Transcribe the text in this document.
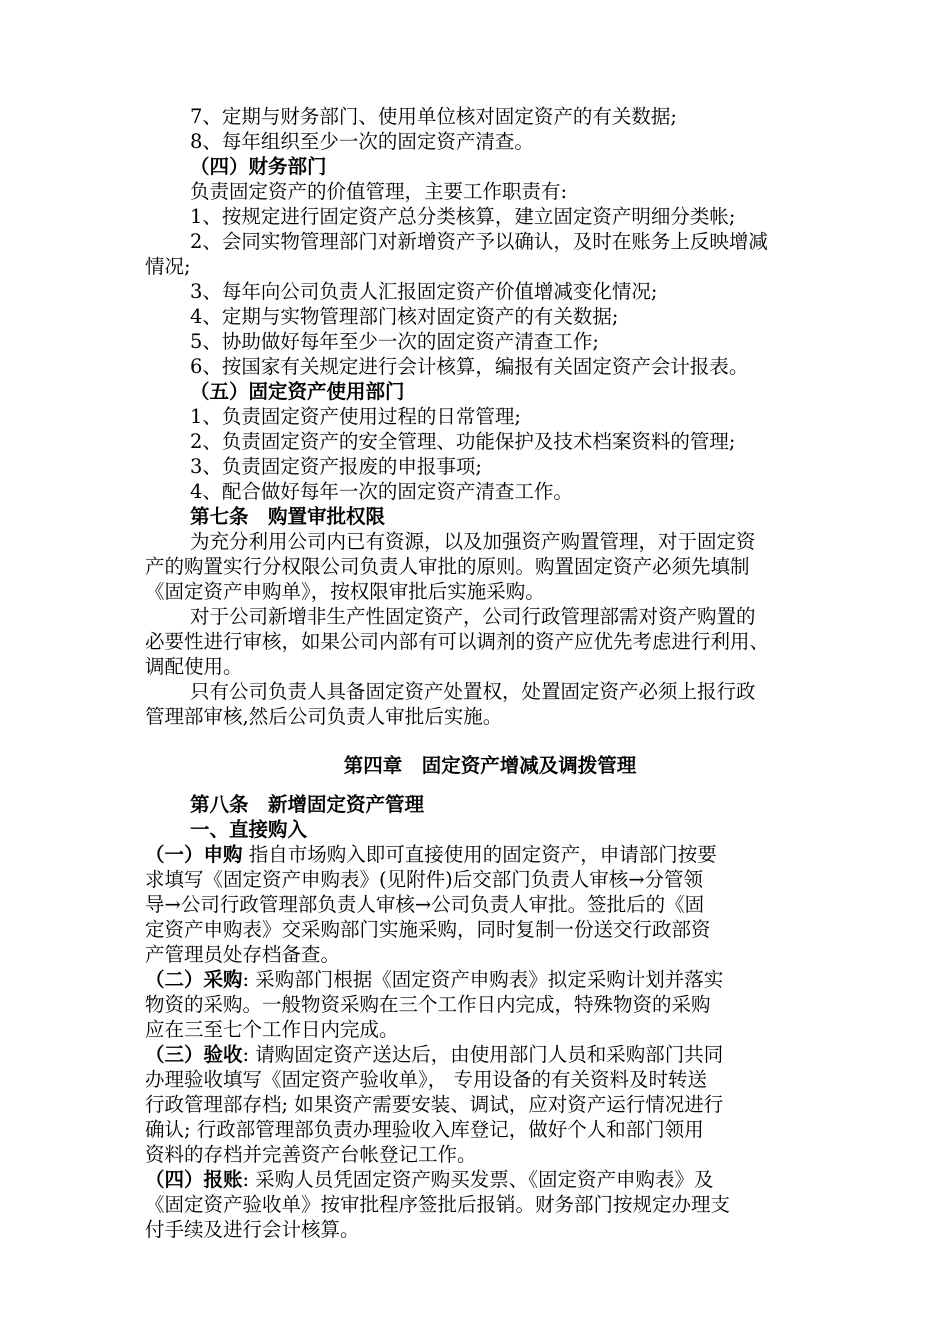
7、定期与财务部门、使用单位核对固定资产的有关数据;
8、每年组织至少一次的固定资产清查。
（四）财务部门
负责固定资产的价值管理，主要工作职责有:
1、按规定进行固定资产总分类核算，建立固定资产明细分类帐;
2、会同实物管理部门对新增资产予以确认，及时在账务上反映增减
情况;
3、每年向公司负责人汇报固定资产价值增减变化情况;
4、定期与实物管理部门核对固定资产的有关数据;
5、协助做好每年至少一次的固定资产清查工作;
6、按国家有关规定进行会计核算，编报有关固定资产会计报表。
（五）固定资产使用部门
1、负责固定资产使用过程的日常管理;
2、负责固定资产的安全管理、功能保护及技术档案资料的管理;
3、负责固定资产报废的申报事项;
4、配合做好每年一次的固定资产清查工作。
第七条　购置审批权限
为充分利用公司内已有资源，以及加强资产购置管理，对于固定资
产的购置实行分权限公司负责人审批的原则。购置固定资产必须先填制
《固定资产申购单》，按权限审批后实施采购。
对于公司新增非生产性固定资产，公司行政管理部需对资产购置的
必要性进行审核，如果公司内部有可以调剂的资产应优先考虑进行利用、
调配使用。
只有公司负责人具备固定资产处置权，处置固定资产必须上报行政
管理部审核,然后公司负责人审批后实施。
第四章　固定资产增减及调拨管理
第八条　新增固定资产管理
一、直接购入
（一）申购 指自市场购入即可直接使用的固定资产，申请部门按要
求填写《固定资产申购表》(见附件)后交部门负责人审核→分管领
导→公司行政管理部负责人审核→公司负责人审批。签批后的《固
定资产申购表》交采购部门实施采购，同时复制一份送交行政部资
产管理员处存档备查。
（二）采购: 采购部门根据《固定资产申购表》拟定采购计划并落实
物资的采购。一般物资采购在三个工作日内完成，特殊物资的采购
应在三至七个工作日内完成。
（三）验收: 请购固定资产送达后，由使用部门人员和采购部门共同
办理验收填写《固定资产验收单》， 专用设备的有关资料及时转送
行政管理部存档; 如果资产需要安装、调试，应对资产运行情况进行
确认; 行政部管理部负责办理验收入库登记，做好个人和部门领用
资料的存档并完善资产台帐登记工作。
（四）报账: 采购人员凭固定资产购买发票、《固定资产申购表》及
《固定资产验收单》按审批程序签批后报销。财务部门按规定办理支
付手续及进行会计核算。
